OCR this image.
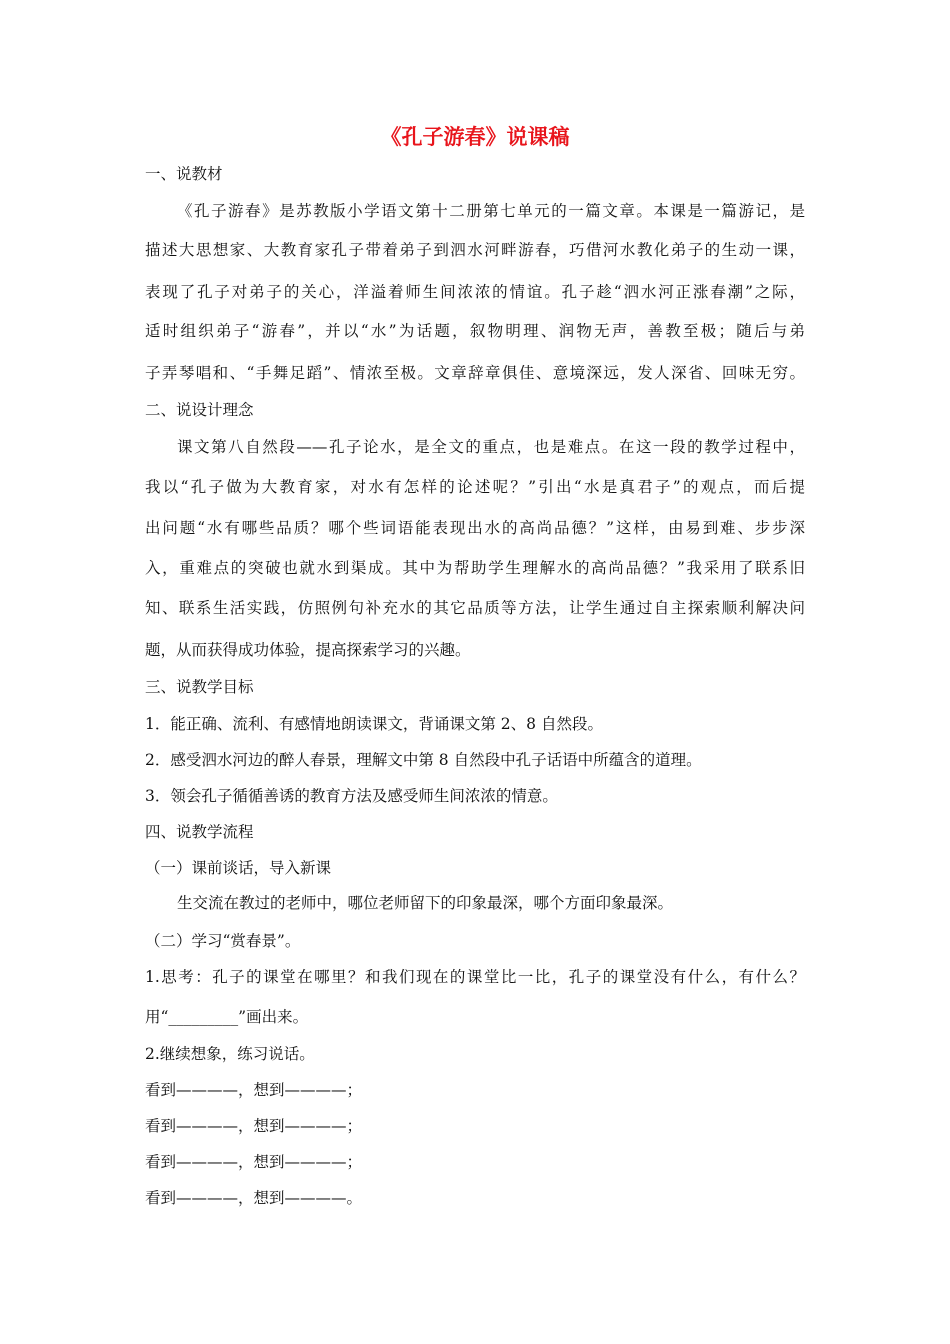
《孔子游春》说课稿
一、说教材
《孔子游春》是苏教版小学语文第十二册第七单元的一篇文章。本课是一篇游记，是
描述大思想家、大教育家孔子带着弟子到泗水河畔游春，巧借河水教化弟子的生动一课，
表现了孔子对弟子的关心，洋溢着师生间浓浓的情谊。孔子趁“泗水河正涨春潮”之际，
适时组织弟子“游春”，并以“水”为话题，叙物明理、润物无声，善教至极；随后与弟
子弄琴唱和、“手舞足蹈”、情浓至极。文章辞章俱佳、意境深远，发人深省、回味无穷。
二、说设计理念
课文第八自然段——孔子论水，是全文的重点，也是难点。在这一段的教学过程中，
我以“孔子做为大教育家，对水有怎样的论述呢？”引出“水是真君子”的观点，而后提
出问题“水有哪些品质？哪个些词语能表现出水的高尚品德？”这样，由易到难、步步深
入，重难点的突破也就水到渠成。其中为帮助学生理解水的高尚品德？”我采用了联系旧
知、联系生活实践，仿照例句补充水的其它品质等方法，让学生通过自主探索顺利解决问
题，从而获得成功体验，提高探索学习的兴趣。
三、说教学目标
1．能正确、流利、有感情地朗读课文，背诵课文第 2、8 自然段。
2．感受泗水河边的醉人春景，理解文中第 8 自然段中孔子话语中所蕴含的道理。
3．领会孔子循循善诱的教育方法及感受师生间浓浓的情意。
四、说教学流程
（一）课前谈话，导入新课
生交流在教过的老师中，哪位老师留下的印象最深，哪个方面印象最深。
（二）学习“赏春景”。
1.思考：孔子的课堂在哪里？和我们现在的课堂比一比，孔子的课堂没有什么，有什么？
用“_________”画出来。
2.继续想象，练习说话。
看到————，想到————；
看到————，想到————；
看到————，想到————；
看到————，想到————。
